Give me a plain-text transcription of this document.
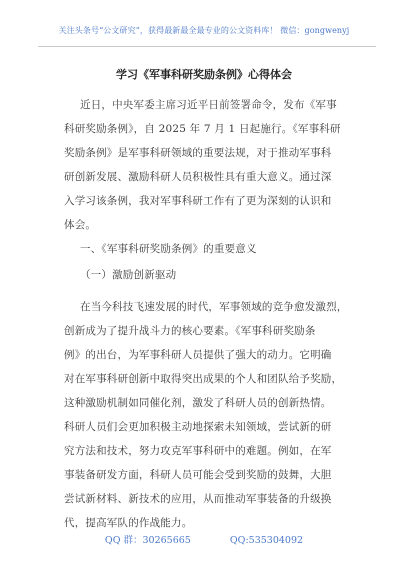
关注头条号“公文研究”，获得最新最全最专业的公文资料库！ 微信：gongwenyj
学习《军事科研奖励条例》心得体会
近日，中央军委主席习近平日前签署命令，发布《军事
科研奖励条例》，自 2025 年 7 月 1 日起施行。《军事科研
奖励条例》是军事科研领域的重要法规，对于推动军事科
研创新发展、激励科研人员积极性具有重大意义。通过深
入学习该条例，我对军事科研工作有了更为深刻的认识和
体会。
一、《军事科研奖励条例》的重要意义
（一）激励创新驱动
在当今科技飞速发展的时代，军事领域的竞争愈发激烈，
创新成为了提升战斗力的核心要素。《军事科研奖励条
例》的出台，为军事科研人员提供了强大的动力。它明确
对在军事科研创新中取得突出成果的个人和团队给予奖励，
这种激励机制如同催化剂，激发了科研人员的创新热情。
科研人员们会更加积极主动地探索未知领域，尝试新的研
究方法和技术，努力攻克军事科研中的难题。例如，在军
事装备研发方面，科研人员可能会受到奖励的鼓舞，大胆
尝试新材料、新技术的应用，从而推动军事装备的升级换
代，提高军队的作战能力。
QQ 群：30265665	QQ:535304092
